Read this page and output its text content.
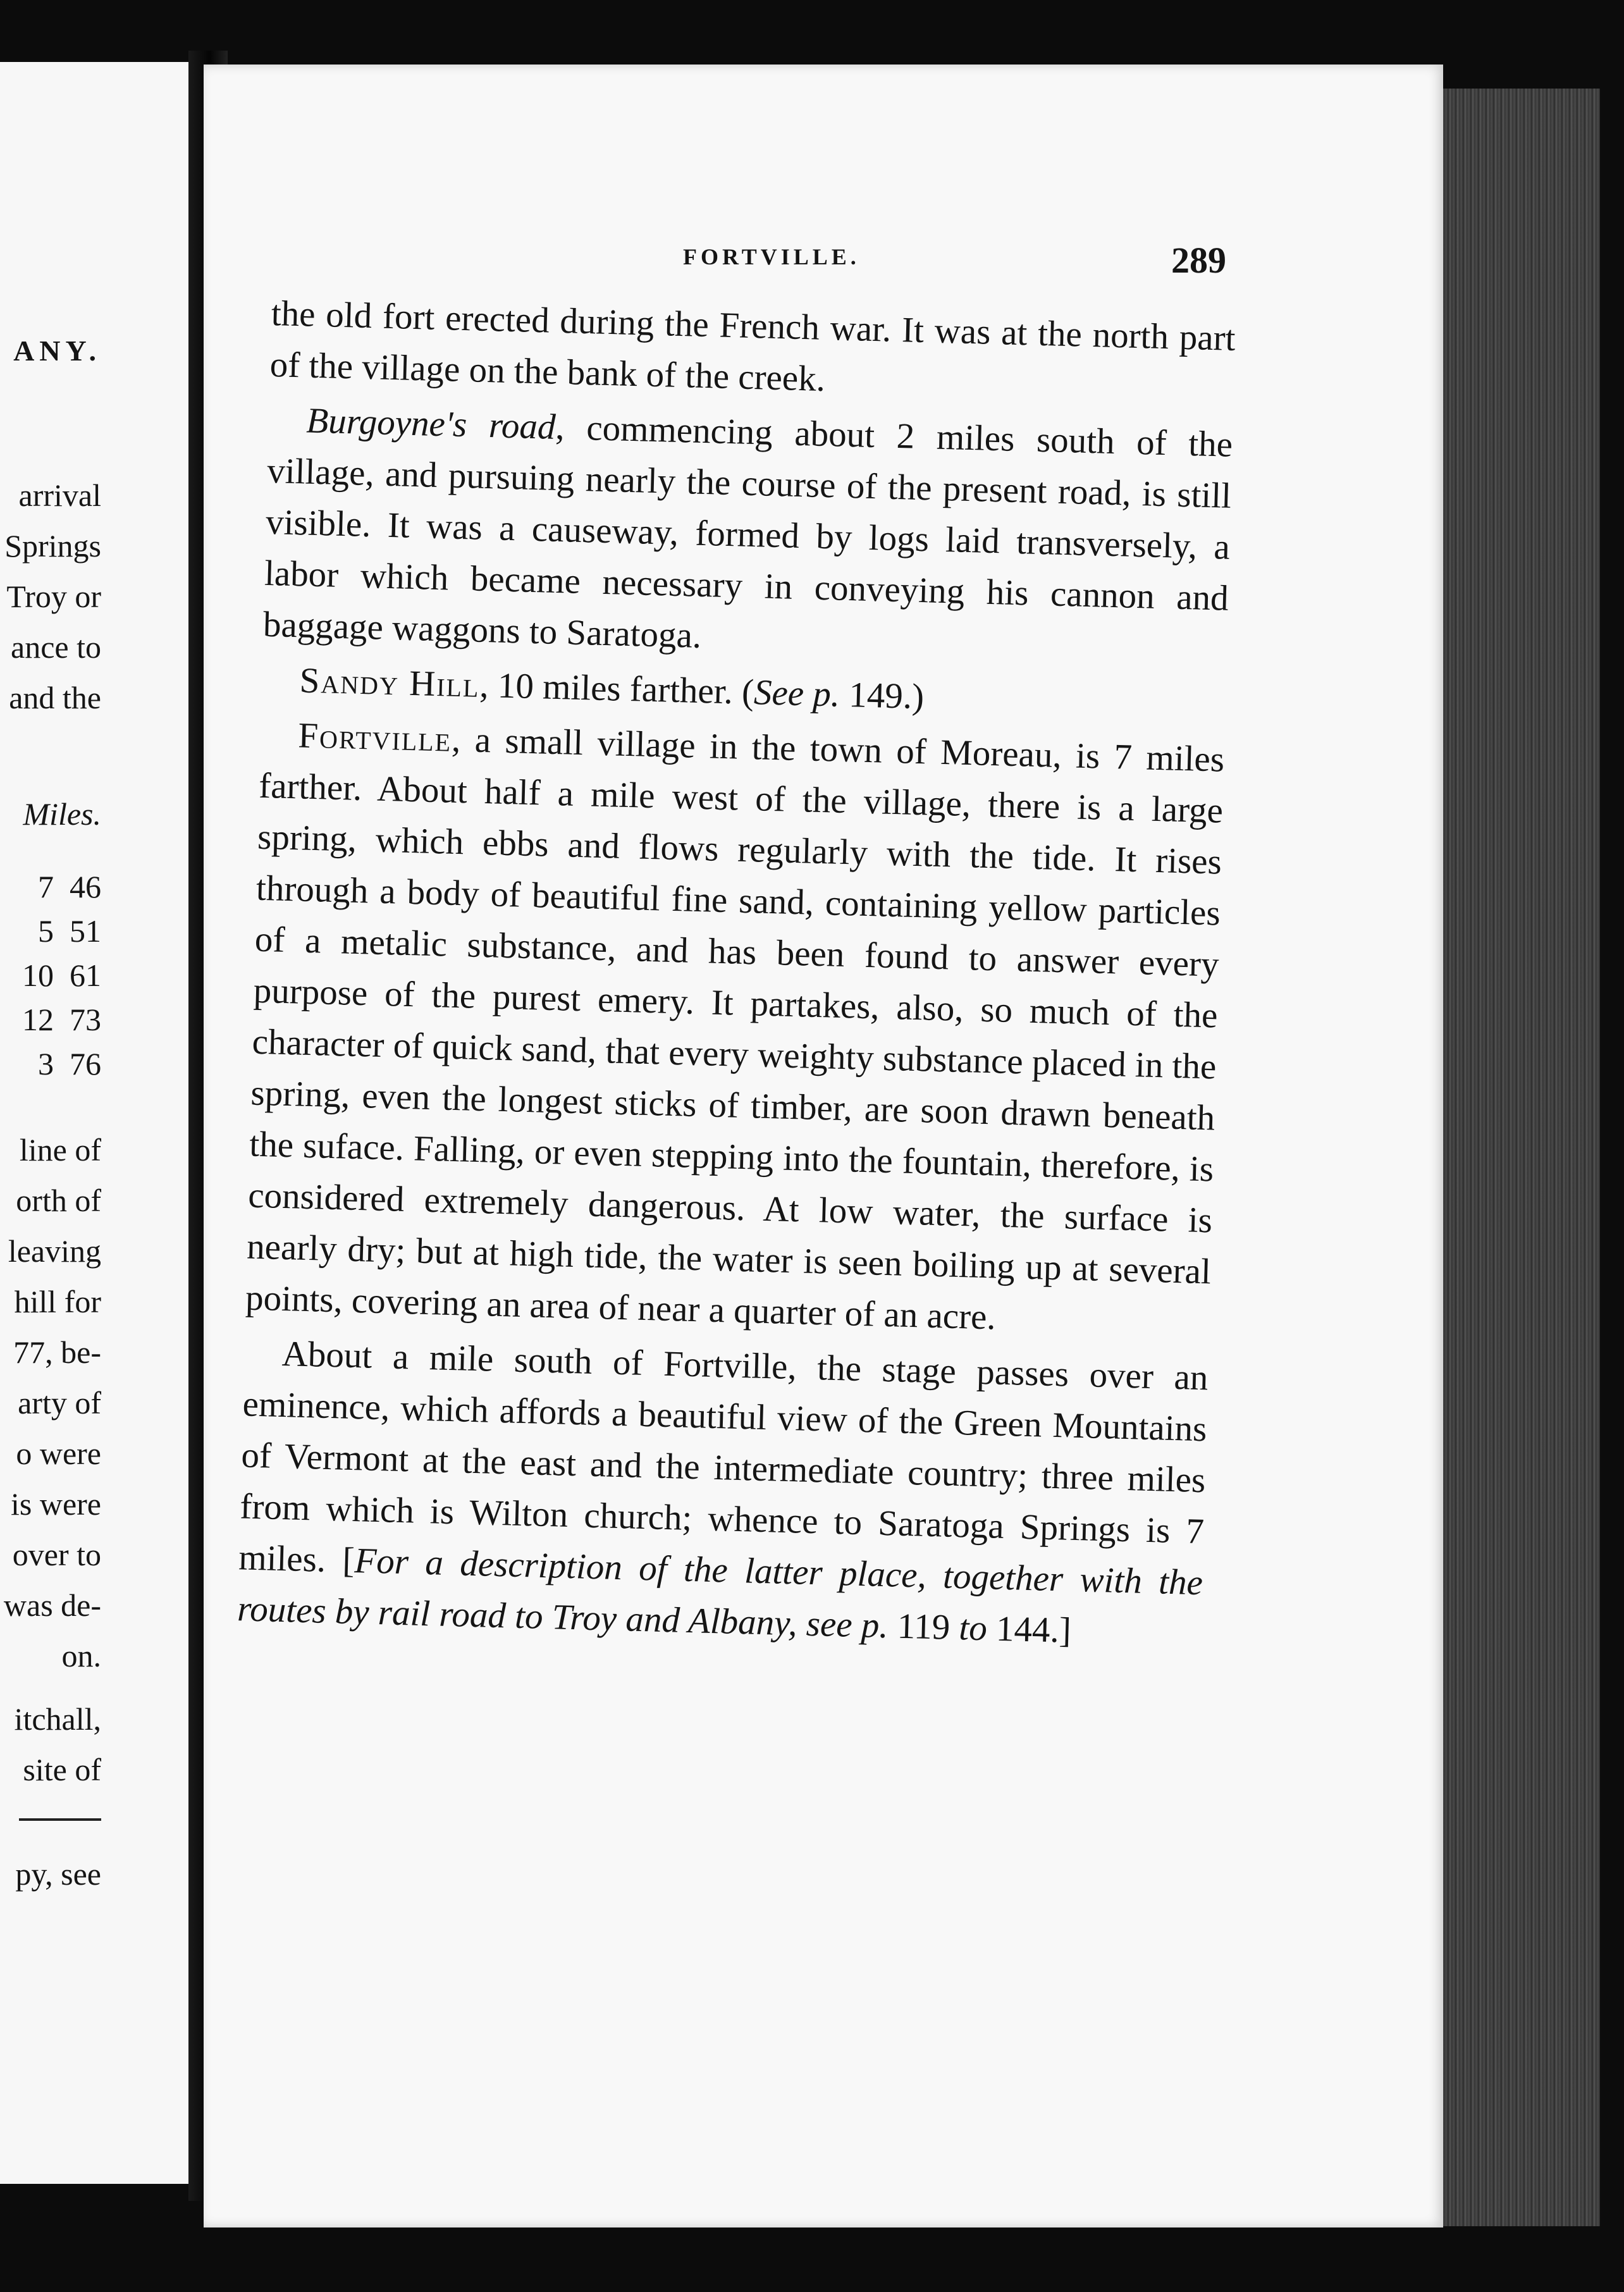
ANY.
arrival
Springs
Troy or
ance to
and the
Miles.
7 46
5 51
10 61
12 73
3 76
line of
orth of
leaving
hill for
77, be-
arty of
o were
is were
over to
was de-
on.
itchall,
site of
py, see
FORTVILLE.	289

the old fort erected during the French war. It was at the north part of the village on the bank of the creek.

Burgoyne's road, commencing about 2 miles south of the village, and pursuing nearly the course of the present road, is still visible. It was a causeway, formed by logs laid transversely, a labor which became necessary in conveying his cannon and baggage waggons to Saratoga.

Sandy Hill, 10 miles farther. (See p. 149.)

Fortville, a small village in the town of Moreau, is 7 miles farther. About half a mile west of the village, there is a large spring, which ebbs and flows regularly with the tide. It rises through a body of beautiful fine sand, containing yellow particles of a metalic substance, and has been found to answer every purpose of the purest emery. It partakes, also, so much of the character of quick sand, that every weighty substance placed in the spring, even the longest sticks of timber, are soon drawn beneath the suface. Falling, or even stepping into the fountain, therefore, is considered extremely dangerous. At low water, the surface is nearly dry; but at high tide, the water is seen boiling up at several points, covering an area of near a quarter of an acre.

About a mile south of Fortville, the stage passes over an eminence, which affords a beautiful view of the Green Mountains of Vermont at the east and the intermediate country; three miles from which is Wilton church; whence to Saratoga Springs is 7 miles. [For a description of the latter place, together with the routes by rail road to Troy and Albany, see p. 119 to 144.]
